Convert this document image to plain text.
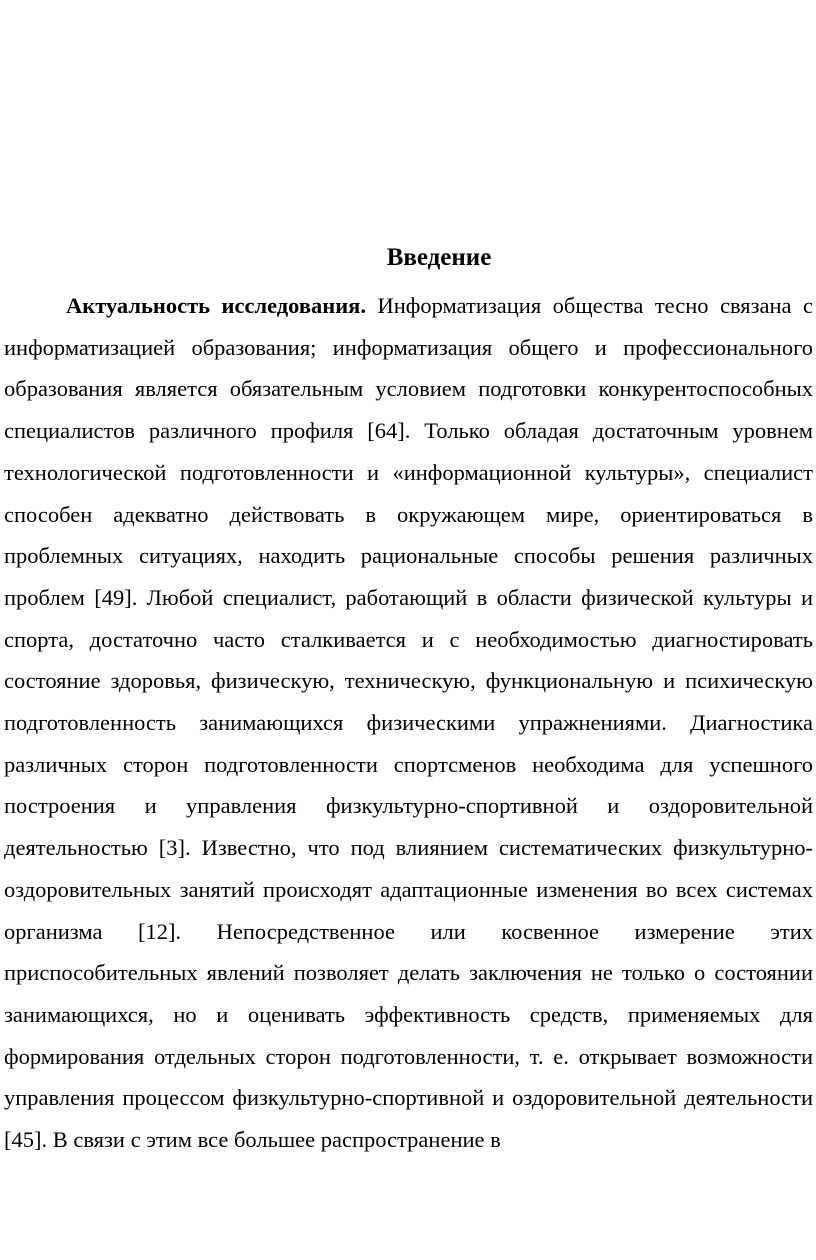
Введение

Актуальность исследования. Информатизация общества тесно связана с информатизацией образования; информатизация общего и профессионального образования является обязательным условием подготовки конкурентоспособных специалистов различного профиля [64]. Только обладая достаточным уровнем технологической подготовленности и «информационной культуры», специалист способен адекватно действовать в окружающем мире, ориентироваться в проблемных ситуациях, находить рациональные способы решения различных проблем [49]. Любой специалист, работающий в области физической культуры и спорта, достаточно часто сталкивается и с необходимостью диагностировать состояние здоровья, физическую, техническую, функциональную и психическую подготовленность занимающихся физическими упражнениями. Диагностика различных сторон подготовленности спортсменов необходима для успешного построения и управления физкультурно-спортивной и оздоровительной деятельностью [3]. Известно, что под влиянием систематических физкультурно-оздоровительных занятий происходят адаптационные изменения во всех системах организма [12]. Непосредственное или косвенное измерение этих приспособительных явлений позволяет делать заключения не только о состоянии занимающихся, но и оценивать эффективность средств, применяемых для формирования отдельных сторон подготовленности, т. е. открывает возможности управления процессом физкультурно-спортивной и оздоровительной деятельности [45]. В связи с этим все большее распространение в
